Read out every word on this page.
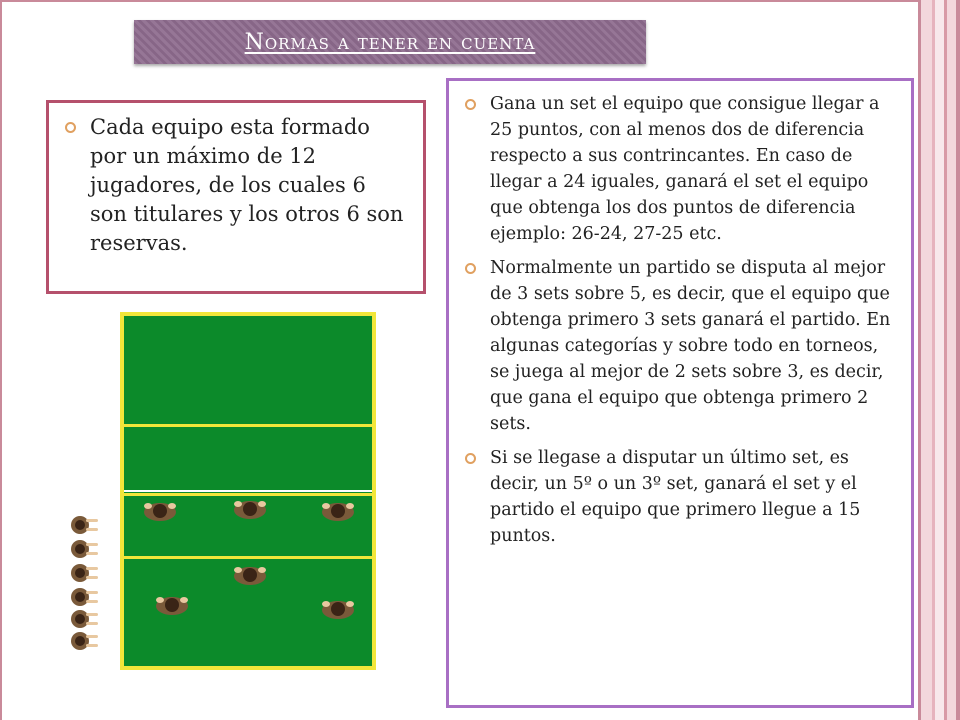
Normas a tener en cuenta
Cada equipo esta formado por un máximo de 12 jugadores, de los cuales 6 son titulares y los otros 6 son reservas.
Gana un set el equipo que consigue llegar a 25 puntos, con al menos dos de diferencia respecto a sus contrincantes. En caso de llegar a 24 iguales, ganará el set el equipo que obtenga los dos puntos de diferencia ejemplo: 26-24, 27-25 etc.
Normalmente un partido se disputa al mejor de 3 sets sobre 5, es decir, que el equipo que obtenga primero 3 sets ganará el partido. En algunas categorías y sobre todo en torneos, se juega al mejor de 2 sets sobre 3, es decir, que gana el equipo que obtenga primero 2 sets.
Si se llegase a disputar un último set, es decir, un 5º o un 3º set, ganará el set y el partido el equipo que primero llegue a 15 puntos.
